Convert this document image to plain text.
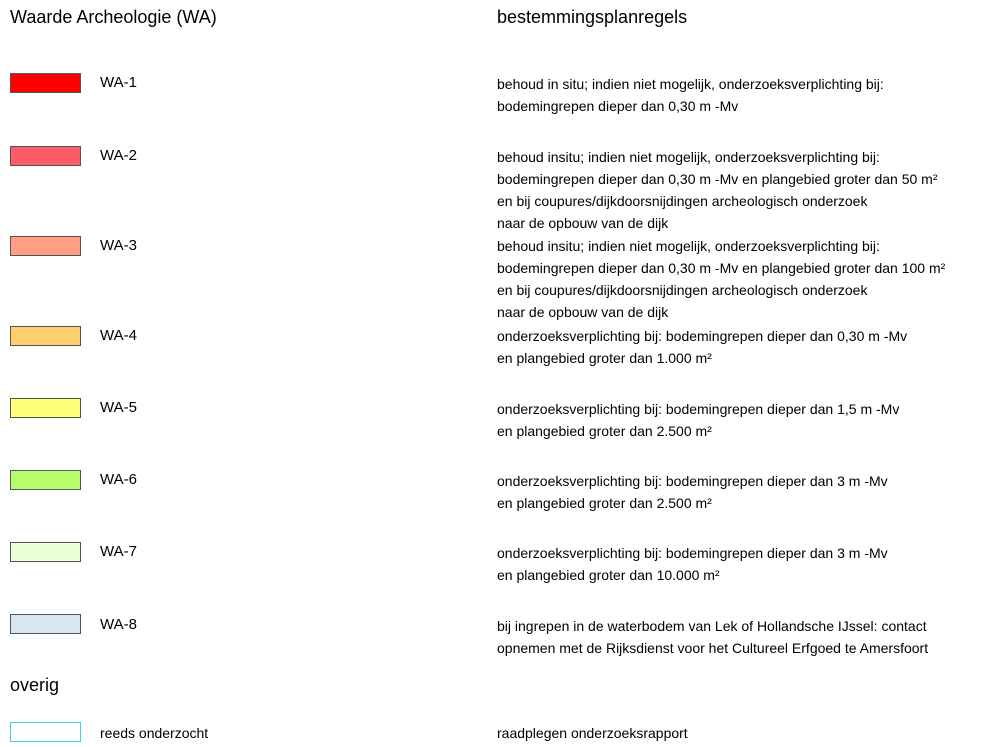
Waarde Archeologie (WA)	bestemmingsplanregels
WA-1	behoud in situ; indien niet mogelijk, onderzoeksverplichting bij:
bodemingrepen dieper dan 0,30 m -Mv
WA-2	behoud insitu; indien niet mogelijk, onderzoeksverplichting bij:
bodemingrepen dieper dan 0,30 m -Mv en plangebied groter dan 50 m²
en bij coupures/dijkdoorsnijdingen archeologisch onderzoek
naar de opbouw van de dijk
WA-3	behoud insitu; indien niet mogelijk, onderzoeksverplichting bij:
bodemingrepen dieper dan 0,30 m -Mv en plangebied groter dan 100 m²
en bij coupures/dijkdoorsnijdingen archeologisch onderzoek
naar de opbouw van de dijk
WA-4	onderzoeksverplichting bij: bodemingrepen dieper dan 0,30 m -Mv
en plangebied groter dan 1.000 m²
WA-5	onderzoeksverplichting bij: bodemingrepen dieper dan 1,5 m -Mv
en plangebied groter dan 2.500 m²
WA-6	onderzoeksverplichting bij: bodemingrepen dieper dan 3 m -Mv
en plangebied groter dan 2.500 m²
WA-7	onderzoeksverplichting bij: bodemingrepen dieper dan 3 m -Mv
en plangebied groter dan 10.000 m²
WA-8	bij ingrepen in de waterbodem van Lek of Hollandsche IJssel: contact
opnemen met de Rijksdienst voor het Cultureel Erfgoed te Amersfoort
overig
reeds onderzocht	raadplegen onderzoeksrapport
